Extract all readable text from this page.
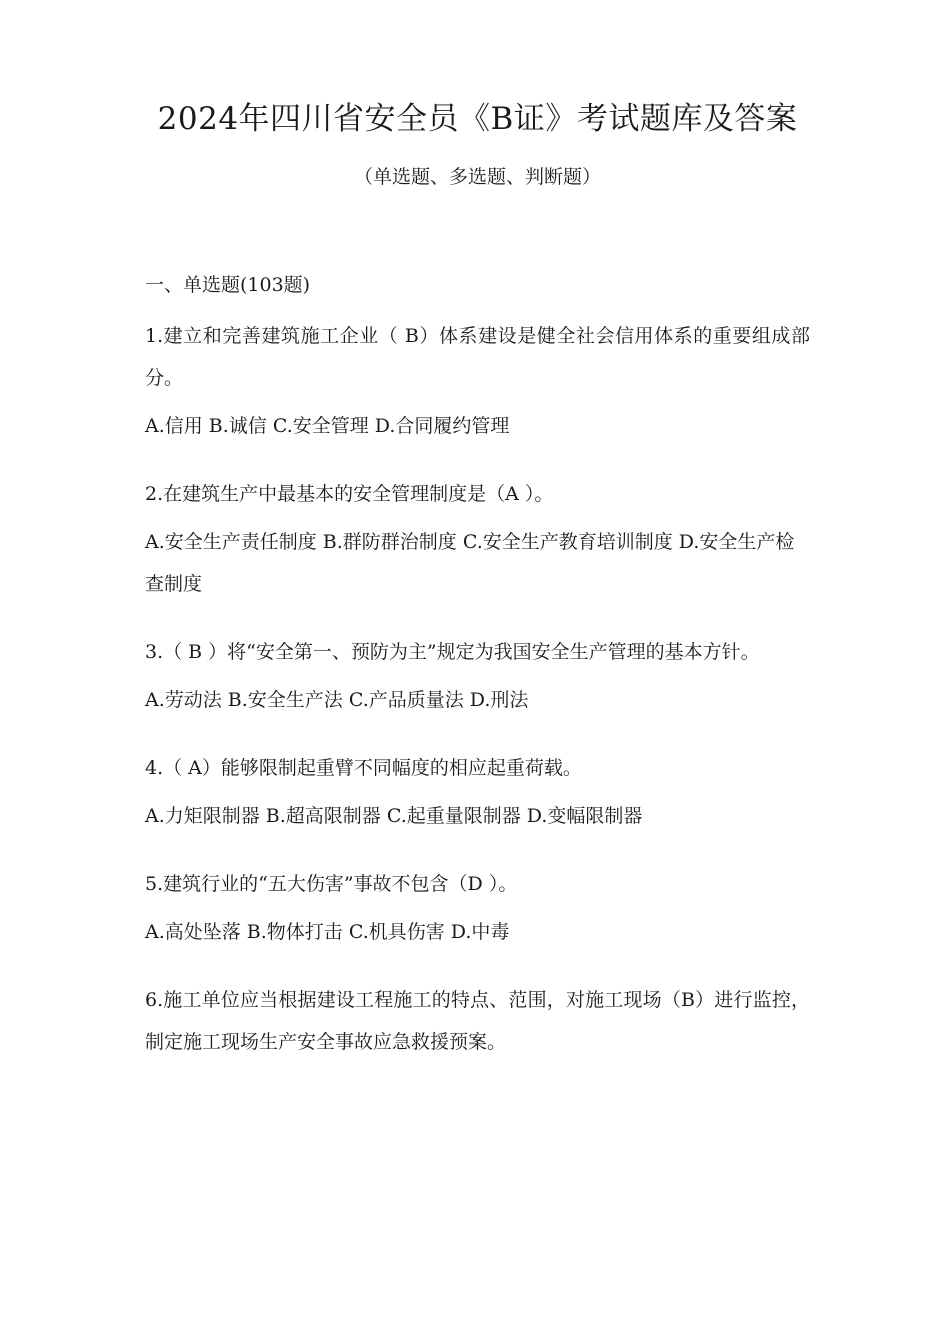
2024年四川省安全员《B证》考试题库及答案
（单选题、多选题、判断题）
一、单选题(103题)

1.建立和完善建筑施工企业（ B）体系建设是健全社会信用体系的重要组成部分。

A.信用 B.诚信 C.安全管理 D.合同履约管理

2.在建筑生产中最基本的安全管理制度是（A ）。

A.安全生产责任制度 B.群防群治制度 C.安全生产教育培训制度 D.安全生产检查制度

3.（ B ）将“安全第一、预防为主”规定为我国安全生产管理的基本方针。

A.劳动法 B.安全生产法 C.产品质量法 D.刑法

4.（ A）能够限制起重臂不同幅度的相应起重荷载。

A.力矩限制器 B.超高限制器 C.起重量限制器 D.变幅限制器

5.建筑行业的“五大伤害”事故不包含（D ）。

A.高处坠落 B.物体打击 C.机具伤害 D.中毒

6.施工单位应当根据建设工程施工的特点、范围，对施工现场（B）进行监控，制定施工现场生产安全事故应急救援预案。
